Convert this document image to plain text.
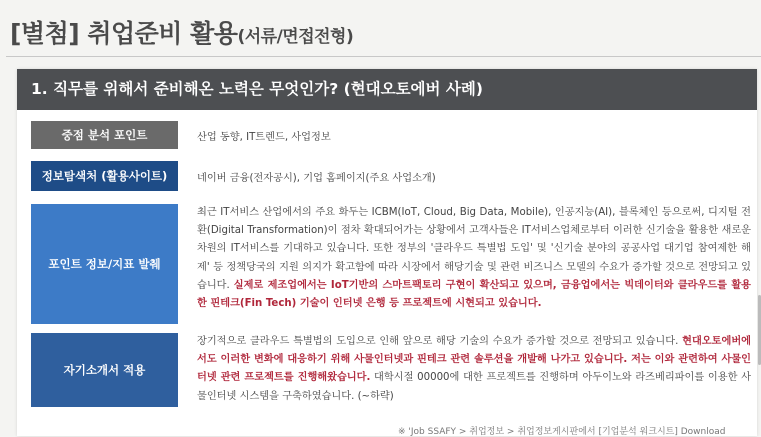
[별첨] 취업준비 활용(서류/면접전형)
1. 직무를 위해서 준비해온 노력은 무엇인가? (현대오토에버 사례)
중점 분석 포인트	산업 동향, IT트렌드, 사업정보
정보탐색처 (활용사이트)	네이버 금융(전자공시), 기업 홈페이지(주요 사업소개)
포인트 정보/지표 발췌
최근 IT서비스 산업에서의 주요 화두는 ICBM(IoT, Cloud, Big Data, Mobile), 인공지능(AI), 블록체인 등으로써, 디지털 전환(Digital Transformation)이 점차 확대되어가는 상황에서 고객사들은 IT서비스업체로부터 이러한 신기술을 활용한 새로운 차원의 IT서비스를 기대하고 있습니다. 또한 정부의 '클라우드 특별법 도입' 및 '신기술 분야의 공공사업 대기업 참여제한 해제' 등 정책당국의 지원 의지가 확고함에 따라 시장에서 해당기술 및 관련 비즈니스 모델의 수요가 증가할 것으로 전망되고 있습니다. 실제로 제조업에서는 IoT기반의 스마트팩토리 구현이 확산되고 있으며, 금융업에서는 빅데이터와 클라우드를 활용한 핀테크(Fin Tech) 기술이 인터넷 은행 등 프로젝트에 시현되고 있습니다.
자기소개서 적용
장기적으로 클라우드 특별법의 도입으로 인해 앞으로 해당 기술의 수요가 증가할 것으로 전망되고 있습니다. 현대오토에버에서도 이러한 변화에 대응하기 위해 사물인터넷과 핀테크 관련 솔루션을 개발해 나가고 있습니다. 저는 이와 관련하여 사물인터넷 관련 프로젝트를 진행해왔습니다. 대학시절 00000에 대한 프로젝트를 진행하며 아두이노와 라즈베리파이를 이용한 사물인터넷 시스템을 구축하였습니다. (~하략)
※ 'Job SSAFY > 취업정보 > 취업정보게시판에서 [기업분석 워크시트] Download
